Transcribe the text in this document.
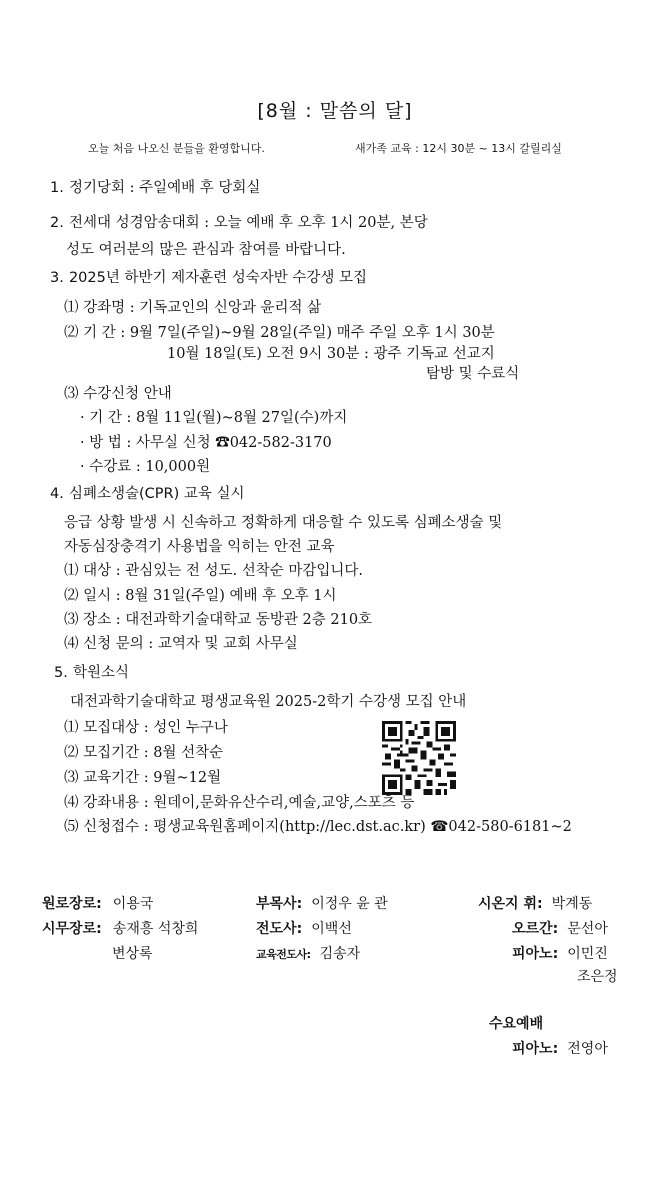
[8월 : 말씀의 달]
오늘 처음 나오신 분들을 환영합니다.	새가족 교육 : 12시 30분 ~ 13시 갈릴리실
1. 정기당회 : 주일예배 후 당회실
2. 전세대 성경암송대회 : 오늘 예배 후 오후 1시 20분, 본당
성도 여러분의 많은 관심과 참여를 바랍니다.
3. 2025년 하반기 제자훈련 성숙자반 수강생 모집
⑴ 강좌명 : 기독교인의 신앙과 윤리적 삶
⑵ 기 간 : 9월 7일(주일)~9월 28일(주일) 매주 주일 오후 1시 30분
10월 18일(토) 오전 9시 30분 : 광주 기독교 선교지
탐방 및 수료식
⑶ 수강신청 안내
· 기 간 : 8월 11일(월)~8월 27일(수)까지
· 방 법 : 사무실 신청 ☎042-582-3170
· 수강료 : 10,000원
4. 심폐소생술(CPR) 교육 실시
응급 상황 발생 시 신속하고 정확하게 대응할 수 있도록 심폐소생술 및
자동심장충격기 사용법을 익히는 안전 교육
⑴ 대상 : 관심있는 전 성도. 선착순 마감입니다.
⑵ 일시 : 8월 31일(주일) 예배 후 오후 1시
⑶ 장소 : 대전과학기술대학교 동방관 2층 210호
⑷ 신청 문의 : 교역자 및 교회 사무실
5. 학원소식
대전과학기술대학교 평생교육원 2025-2학기 수강생 모집 안내
⑴ 모집대상 : 성인 누구나
⑵ 모집기간 : 8월 선착순
⑶ 교육기간 : 9월~12월
⑷ 강좌내용 : 원데이,문화유산수리,예술,교양,스포츠 등
⑸ 신청접수 : 평생교육원홈페이지(http://lec.dst.ac.kr) ☎042-580-6181~2
원로장로: 이용국
시무장로: 송재흥 석창희
변상록
부목사: 이정우 윤 관
전도사: 이백선
교육전도사: 김송자
시온지 휘: 박계동
오르간: 문선아
피아노: 이민진
조은정
수요예배
피아노: 전영아
